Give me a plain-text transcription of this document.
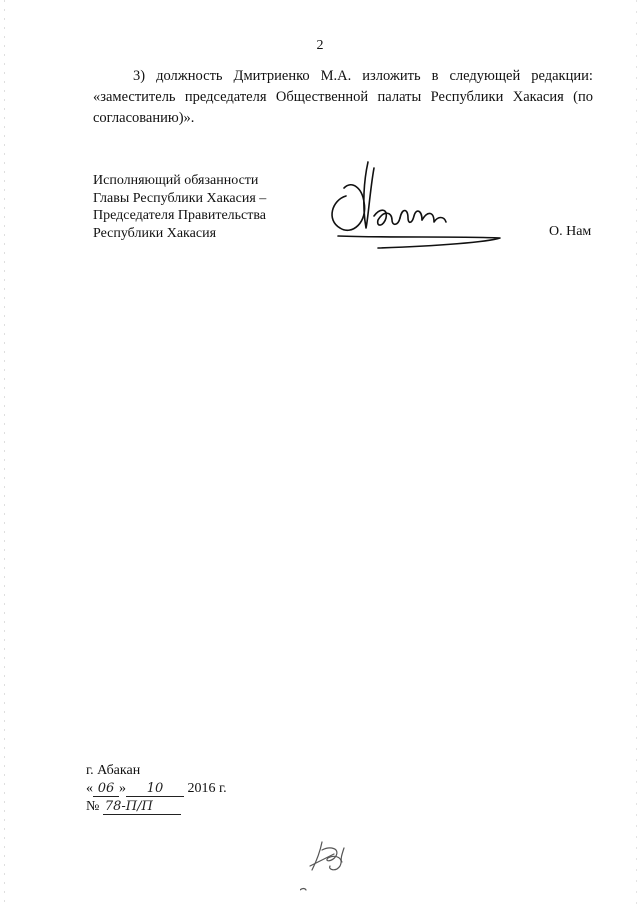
2
3) должность Дмитриенко М.А. изложить в следующей редакции:
«заместитель председателя Общественной палаты Республики Хакасия (по
согласованию)».
Исполняющий обязанности
Главы Республики Хакасия –
Председателя Правительства
Республики Хакасия	О. Нам
г. Абакан
« 06 » 10 2016 г.
№ 78-П/П
